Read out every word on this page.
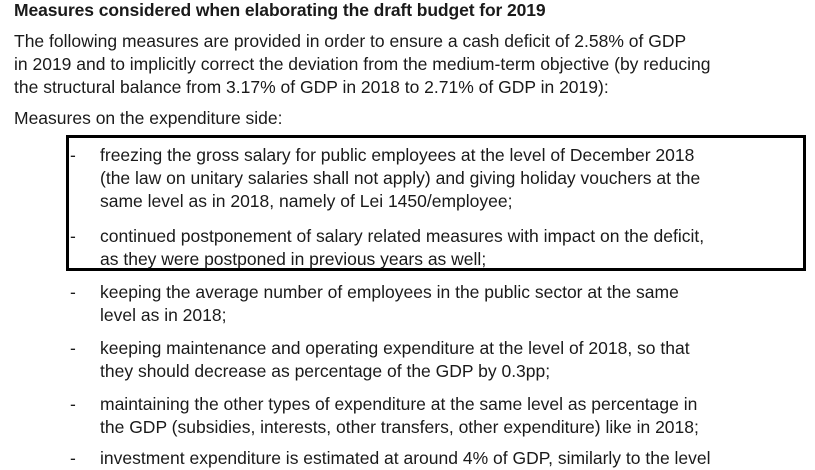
Measures considered when elaborating the draft budget for 2019
The following measures are provided in order to ensure a cash deficit of 2.58% of GDP
in 2019 and to implicitly correct the deviation from the medium-term objective (by reducing
the structural balance from 3.17% of GDP in 2018 to 2.71% of GDP in 2019):
Measures on the expenditure side:
-	freezing the gross salary for public employees at the level of December 2018
(the law on unitary salaries shall not apply) and giving holiday vouchers at the
same level as in 2018, namely of Lei 1450/employee;
-	continued postponement of salary related measures with impact on the deficit,
as they were postponed in previous years as well;
-	keeping the average number of employees in the public sector at the same
level as in 2018;
-	keeping maintenance and operating expenditure at the level of 2018, so that
they should decrease as percentage of the GDP by 0.3pp;
-	maintaining the other types of expenditure at the same level as percentage in
the GDP (subsidies, interests, other transfers, other expenditure) like in 2018;
-	investment expenditure is estimated at around 4% of GDP, similarly to the level
